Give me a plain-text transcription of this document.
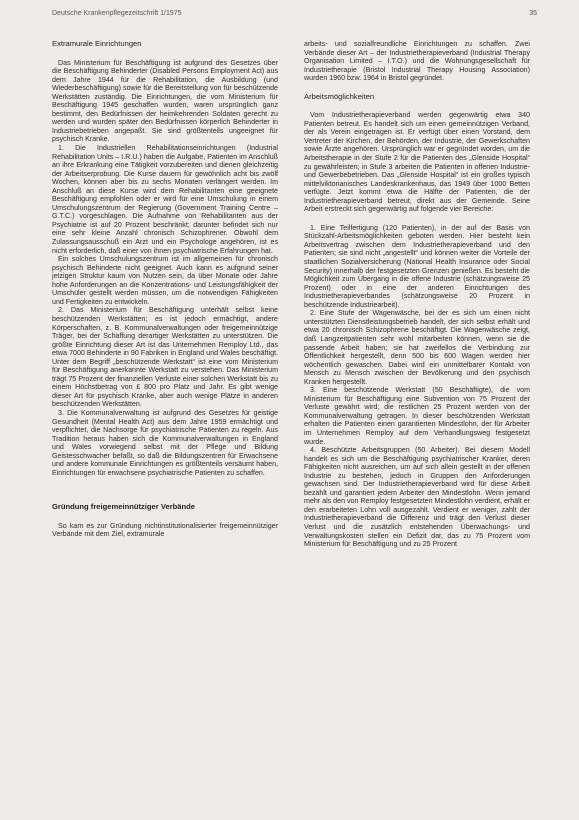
Deutsche Krankenpflegezeitschrift 1/1975	35
Extramurale Einrichtungen

Das Ministerium für Beschäftigung ist aufgrund des Gesetzes über die Beschäftigung Behinderter (Disabled Persons Employment Act) aus dem Jahre 1944 für die Rehabilitation, die Ausbildung (und Wiederbeschäftigung) sowie für die Bereitstellung von für beschützende Werkstätten zuständig. Die Einrichtungen, die vom Ministerium für Beschäftigung 1945 geschaffen wurden, waren ursprünglich ganz bestimmt, den Bedürfnissen der heimkehrenden Soldaten gerecht zu werden und wurden später den Bedürfnissen körperlich Behinderter in Industriebetrieben angepaßt. Sie sind größtenteils ungeeignet für psychisch Kranke.

1. Die Industriellen Rehabilitationseinrichtungen (Industrial Rehabilitation Units – I.R.U.) haben die Aufgabe, Patienten im Anschluß an ihre Erkrankung eine Tätigkeit vorzubereiten und dienen gleichzeitig der Arbeitserprobung. Die Kurse dauern für gewöhnlich acht bis zwölf Wochen, können aber bis zu sechs Monaten verlängert werden. Im Anschluß an diese Kurse wird dem Rehabilitanten eine geeignete Beschäftigung empfohlen oder er wird für eine Umschulung in einem Umschulungszentrum der Regierung (Government Training Centre – G.T.C.) vorgeschlagen. Die Aufnahme von Rehabilitanten aus der Psychiatrie ist auf 20 Prozent beschränkt; darunter befindet sich nur eine sehr kleine Anzahl chronisch Schizophrener. Obwohl dem Zulassungsausschuß ein Arzt und ein Psychologe angehören, ist es nicht erforderlich, daß einer von ihnen psychiatrische Erfahrungen hat.

Ein solches Umschulungszentrum ist im allgemeinen für chronisch psychisch Behinderte nicht geeignet. Auch kann es aufgrund seiner jetzigen Struktur kaum von Nutzen sein, da über Monate oder Jahre hohe Anforderungen an die Konzentrations- und Leistungsfähigkeit der Umschüler gestellt werden müssen, um die notwendigen Fähigkeiten und Fertigkeiten zu entwickeln.

2. Das Ministerium für Beschäftigung unterhält selbst keine beschützenden Werkstätten; es ist jedoch ermächtigt, andere Körperschaften, z. B. Kommunalverwaltungen oder freigemeinnützige Träger, bei der Schaffung derartiger Werkstätten zu unterstützen. Die größte Einrichtung dieser Art ist das Unternehmen Remploy Ltd., das etwa 7000 Behinderte in 90 Fabriken in England und Wales beschäftigt. Unter dem Begriff „beschützende Werkstatt“ ist eine vom Ministerium für Beschäftigung anerkannte Werkstatt zu verstehen. Das Ministerium trägt 75 Prozent der finanziellen Verluste einer solchen Werkstatt bis zu einem Höchstbetrag von £ 800 pro Platz und Jahr. Es gibt wenige dieser Art für psychisch Kranke, aber auch wenige Plätze in anderen beschützenden Werkstätten.

3. Die Kommunalverwaltung ist aufgrund des Gesetzes für geistige Gesundheit (Mental Health Act) aus dem Jahre 1959 ermächtigt und verpflichtet, die Nachsorge für psychiatrische Patienten zu regeln. Aus Tradition heraus haben sich die Kommunalverwaltungen in England und Wales vorwiegend selbst mit der Pflege und Bildung Geistesschwacher befaßt, so daß die Bildungszentren für Erwachsene und andere kommunale Einrichtungen es größtenteils versäumt haben, Einrichtungen für erwachsene psychiatrische Patienten zu schaffen.

Gründung freigemeinnütziger Verbände

So kam es zur Gründung nichtinstitutionalisierter freigemeinnütziger Verbände mit dem Ziel, extramurale

arbeits- und sozialfreundliche Einrichtungen zu schaffen. Zwei Verbände dieser Art – der Industrietherapieverband (Industrial Therapy Organisation Limited – I.T.O.) und die Wohnungsgesellschaft für Industrietherapie (Bristol Industrial Therapy Housing Association) wurden 1960 bzw. 1964 in Bristol gegründet.

Arbeitsmöglichkeiten

Vom Industrietherapieverband werden gegenwärtig etwa 340 Patienten betreut. Es handelt sich um einen gemeinnützigen Verband, der als Verein eingetragen ist. Er verfügt über einen Vorstand, dem Vertreter der Kirchen, der Behörden, der Industrie, der Gewerkschaften sowie Ärzte angehören. Ursprünglich war er gegründet worden, um die Arbeitstherapie in der Stufe 2 für die Patienten des „Glenside Hospital“ zu gewährleisten; in Stufe 3 arbeiten die Patienten in offenen Industrie- und Gewerbebetrieben. Das „Glenside Hospital“ ist ein großes typisch mittelviktorianisches Landeskrankenhaus, das 1949 über 1000 Betten verfügte. Jetzt kommt etwa die Hälfte der Patienten, die der Industrietherapieverband betreut, direkt aus der Gemeinde. Seine Arbeit erstreckt sich gegenwärtig auf folgende vier Bereiche:

1. Eine Teilfertigung (120 Patienten), in der auf der Basis von Stückzahl-Arbeitsmöglichkeiten geboten werden. Hier besteht kein Arbeitsvertrag zwischen dem Industrietherapieverband und den Patienten; sie sind nicht „angestellt“ und können weiter die Vorteile der staatlichen Sozialversicherung (National Health Insurance oder Social Security) innerhalb der festgesetzten Grenzen genießen. Es besteht die Möglichkeit zum Übergang in die offene Industrie (schätzungsweise 25 Prozent) oder in eine der anderen Einrichtungen des Industrietherapieverbandes (schätzungsweise 20 Prozent in beschützende Industriearbeit).

2. Eine Stufe der Wagenwäsche, bei der es sich um einen nicht unterstützten Dienstleistungsbetrieb handelt, der sich selbst erhält und etwa 20 chronisch Schizophrene beschäftigt. Die Wagenwäsche zeigt, daß Langzeitpatienten sehr wohl mitarbeiten können, wenn sie die passende Arbeit haben; sie hat zweifellos die Verbindung zur Öffentlichkeit hergestellt, denn 500 bis 600 Wagen werden hier wöchentlich gewaschen. Dabei wird ein unmittelbarer Kontakt von Mensch zu Mensch zwischen der Bevölkerung und den psychisch Kranken hergestellt.

3. Eine beschützende Werkstatt (50 Beschäftigte), die vom Ministerium für Beschäftigung eine Subvention von 75 Prozent der Verluste gewährt wird; die restlichen 25 Prozent werden von der Kommunalverwaltung getragen. In dieser beschützenden Werkstatt erhalten die Patienten einen garantierten Mindestlohn, der für Arbeiter im Unternehmen Remploy auf dem Verhandlungsweg festgesetzt wurde.

4. Beschützte Arbeitsgruppen (50 Arbeiter). Bei diesem Modell handelt es sich um die Beschäftigung psychiatrischer Kranker, deren Fähigkeiten nicht ausreichen, um auf sich allein gestellt in der offenen Industrie zu bestehen, jedoch in Gruppen den Anforderungen gewachsen sind. Der Industrietherapieverband wird für diese Arbeit bezahlt und garantiert jedem Arbeiter den Mindestlohn. Wenn jemand mehr als den von Remploy festgesetzten Mindestlohn verdient, erhält er den erarbeiteten Lohn voll ausgezahlt. Verdient er weniger, zahlt der Industrietherapieverband die Differenz und trägt den Verlust dieser Verlust und die zusätzlich entstehenden Überwachungs- und Verwaltungskosten stellen ein Defizit dar, das zu 75 Prozent vom Ministerium für Beschäftigung und zu 25 Prozent
